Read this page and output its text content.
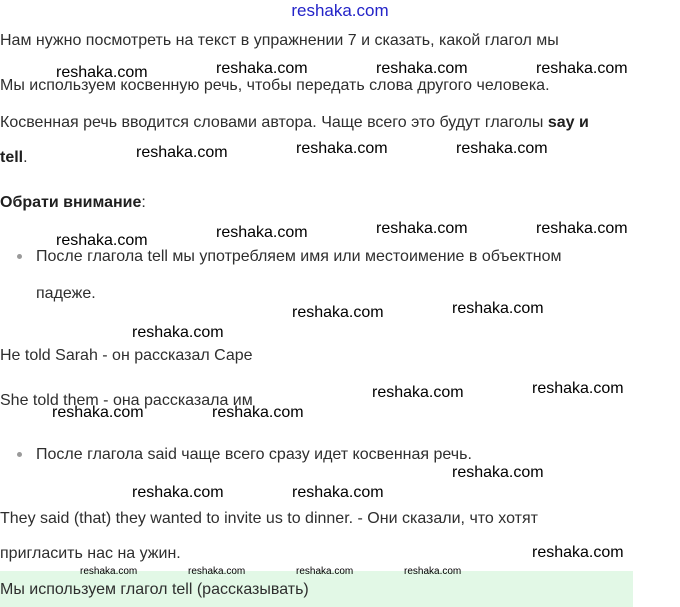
reshaka.com
Нам нужно посмотреть на текст в упражнении 7 и сказать, какой глагол мы
Мы используем косвенную речь, чтобы передать слова другого человека.
Косвенная речь вводится словами автора. Чаще всего это будут глаголы say и
tell.
Обрати внимание:
После глагола tell мы употребляем имя или местоимение в объектном
падеже.
He told Sarah - он рассказал Саре
She told them - она рассказала им
После глагола said чаще всего сразу идет косвенная речь.
They said (that) they wanted to invite us to dinner. - Они сказали, что хотят
пригласить нас на ужин.
Мы используем глагол tell (рассказывать)
reshaka.com	reshaka.com	reshaka.com	reshaka.com
reshaka.com	reshaka.com	reshaka.com
reshaka.com	reshaka.com	reshaka.com
reshaka.com
reshaka.com	reshaka.com
reshaka.com
reshaka.com	reshaka.com
reshaka.com	reshaka.com
reshaka.com
reshaka.com	reshaka.com
reshaka.com
reshaka.com	reshaka.com	reshaka.com	reshaka.com
